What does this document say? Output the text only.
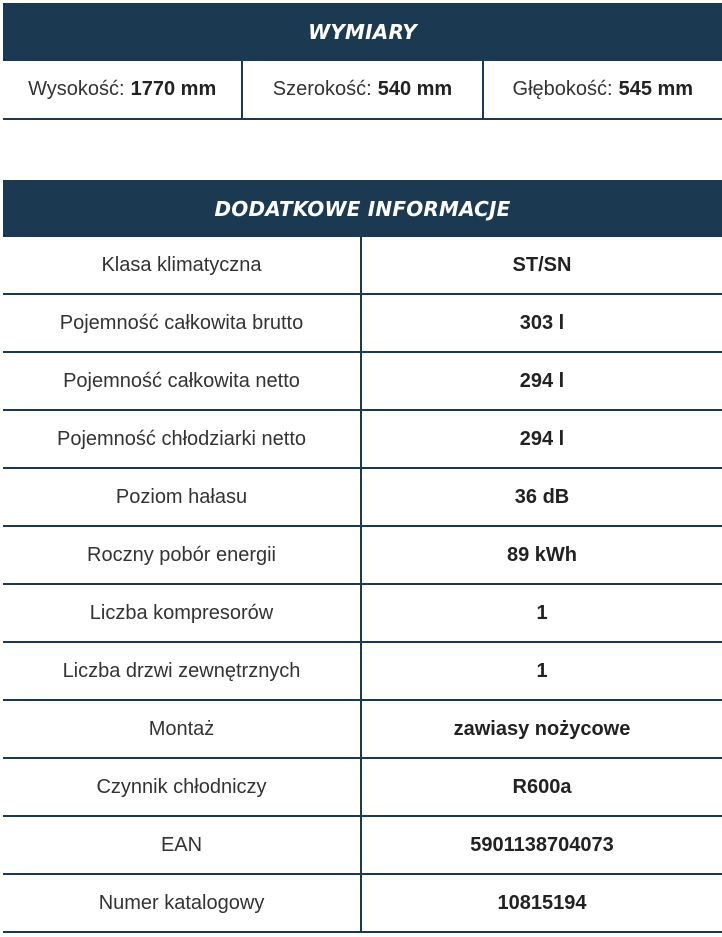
WYMIARY
Wysokość: 1770 mm	Szerokość: 540 mm	Głębokość: 545 mm
DODATKOWE INFORMACJE
Klasa klimatyczna	ST/SN
Pojemność całkowita brutto	303 l
Pojemność całkowita netto	294 l
Pojemność chłodziarki netto	294 l
Poziom hałasu	36 dB
Roczny pobór energii	89 kWh
Liczba kompresorów	1
Liczba drzwi zewnętrznych	1
Montaż	zawiasy nożycowe
Czynnik chłodniczy	R600a
EAN	5901138704073
Numer katalogowy	10815194
